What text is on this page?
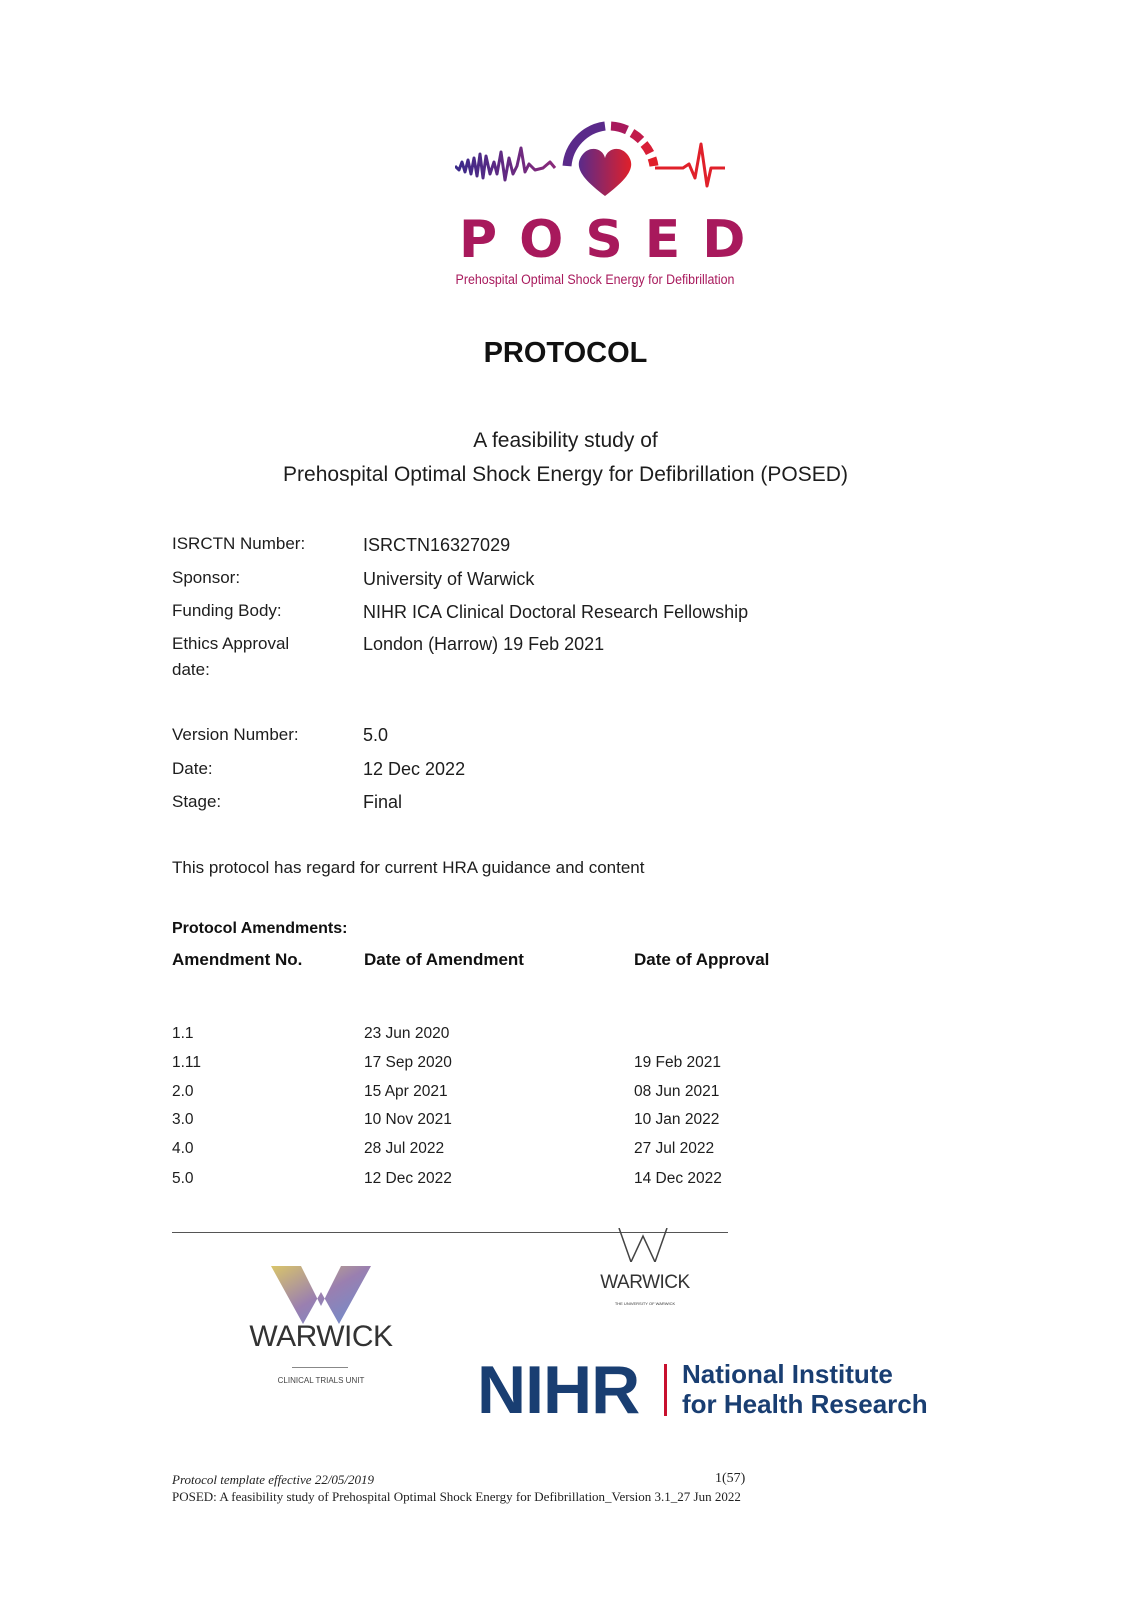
POSED
Prehospital Optimal Shock Energy for Defibrillation
PROTOCOL
A feasibility study of
Prehospital Optimal Shock Energy for Defibrillation (POSED)
ISRCTN Number:	ISRCTN16327029
Sponsor:	University of Warwick
Funding Body:	NIHR ICA Clinical Doctoral Research Fellowship
Ethics Approval date:
London (Harrow) 19 Feb 2021
Version Number:	5.0
Date:	12 Dec 2022
Stage:	Final
This protocol has regard for current HRA guidance and content
Protocol Amendments:
Amendment No.	Date of Amendment	Date of Approval
1.1	23 Jun 2020
1.11	17 Sep 2020	19 Feb 2021
2.0	15 Apr 2021	08 Jun 2021
3.0	10 Nov 2021	10 Jan 2022
4.0	28 Jul 2022	27 Jul 2022
5.0	12 Dec 2022	14 Dec 2022
WARWICK
THE UNIVERSITY OF WARWICK
WARWICK
CLINICAL TRIALS UNIT	NIHR National Institute
for Health Research
Protocol template effective 22/05/2019	1(57)
POSED: A feasibility study of Prehospital Optimal Shock Energy for Defibrillation_Version 3.1_27 Jun 2022
